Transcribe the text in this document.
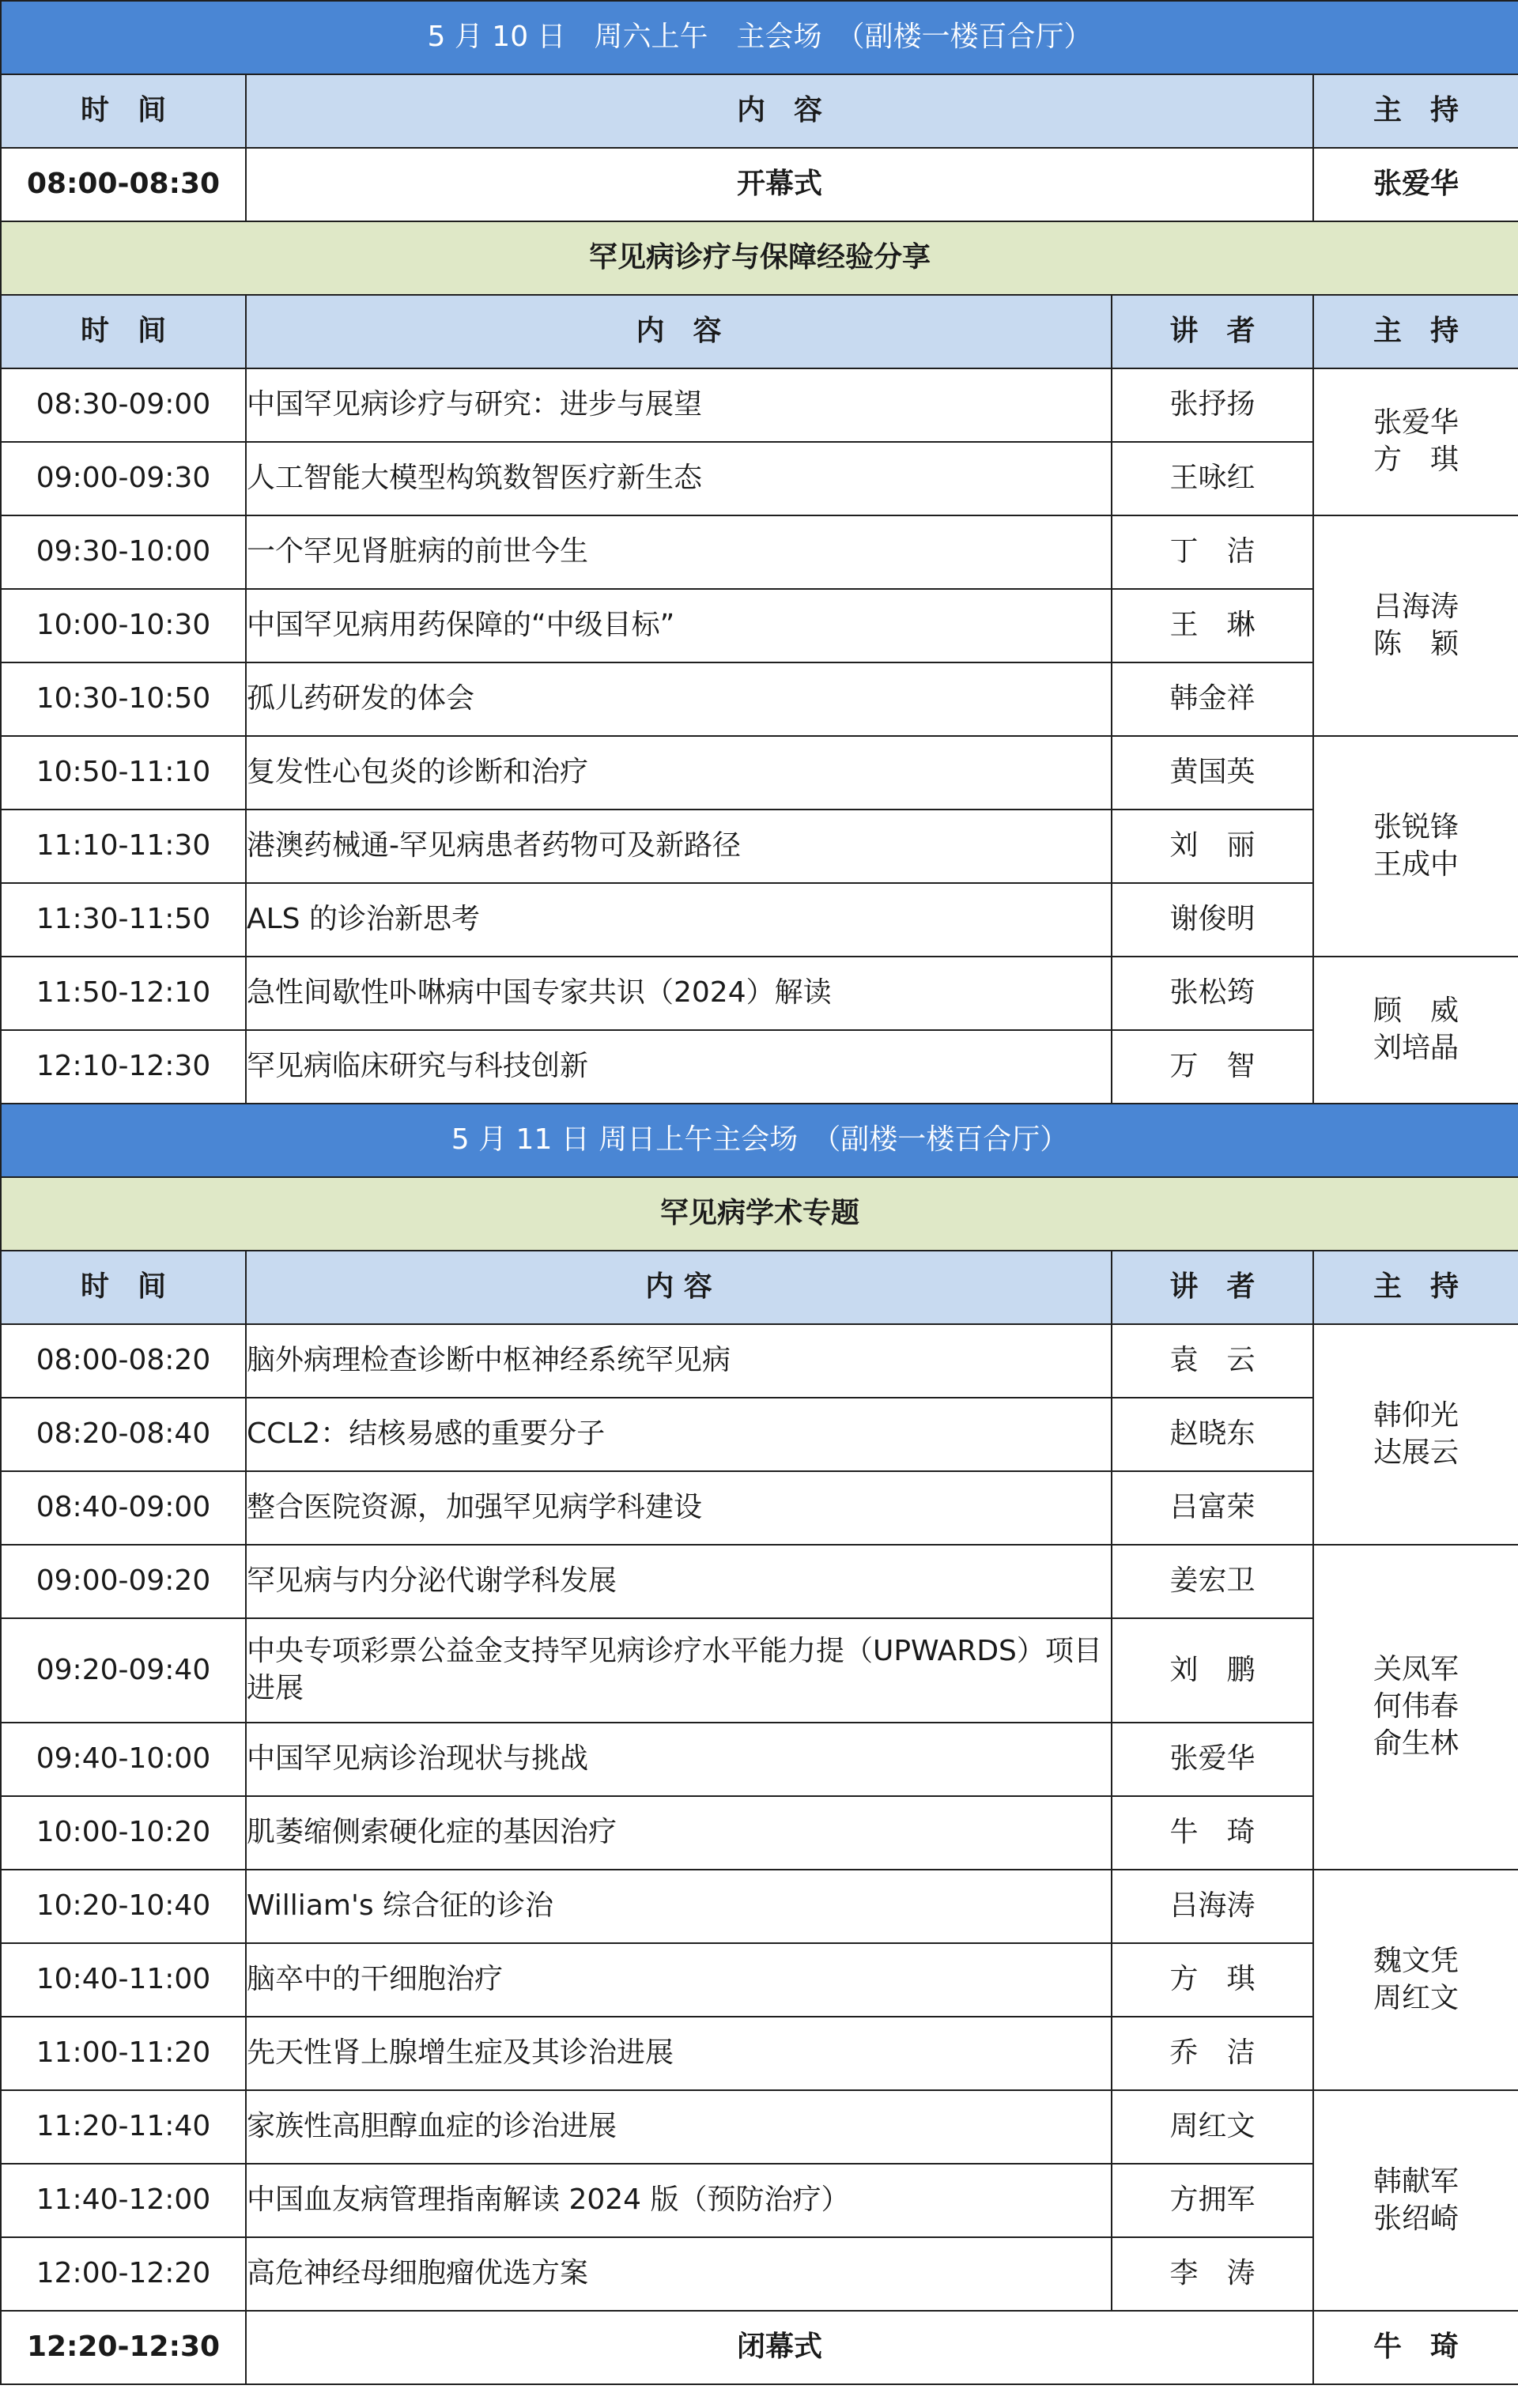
5 月 10 日　周六上午　主会场　（副楼一楼百合厅）			
时　间	内　容		主　持
08:00-08:30	开幕式		张爱华
罕见病诊疗与保障经验分享			
时　间	内　容	讲　者	主　持
08:30-09:00	中国罕见病诊疗与研究：进步与展望	张抒扬	张爱华
方　琪

09:00-09:30	人工智能大模型构筑数智医疗新生态	王咏红	
09:30-10:00	一个罕见肾脏病的前世今生	丁　洁	吕海涛
陈　颖

10:00-10:30	中国罕见病用药保障的“中级目标”	王　琳	
10:30-10:50	孤儿药研发的体会	韩金祥	
10:50-11:10	复发性心包炎的诊断和治疗	黄国英	张锐锋
王成中

11:10-11:30	港澳药械通-罕见病患者药物可及新路径	刘　丽	
11:30-11:50	ALS 的诊治新思考	谢俊明	
11:50-12:10	急性间歇性卟啉病中国专家共识（2024）解读	张松筠	顾　威
刘培晶

12:10-12:30	罕见病临床研究与科技创新	万　智	
5 月 11 日 周日上午主会场　（副楼一楼百合厅）			
罕见病学术专题			
时　间	内 容	讲　者	主　持
08:00-08:20	脑外病理检查诊断中枢神经系统罕见病	袁　云	韩仰光
达展云

08:20-08:40	CCL2：结核易感的重要分子	赵晓东	
08:40-09:00	整合医院资源，加强罕见病学科建设	吕富荣	
09:00-09:20	罕见病与内分泌代谢学科发展	姜宏卫	关凤军
何伟春
俞生林

09:20-09:40	中央专项彩票公益金支持罕见病诊疗水平能力提（UPWARDS）项目进展	刘　鹏	
09:40-10:00	中国罕见病诊治现状与挑战	张爱华	
10:00-10:20	肌萎缩侧索硬化症的基因治疗	牛　琦	
10:20-10:40	William's 综合征的诊治	吕海涛	魏文凭
周红文

10:40-11:00	脑卒中的干细胞治疗	方　琪	
11:00-11:20	先天性肾上腺增生症及其诊治进展	乔　洁	
11:20-11:40	家族性高胆醇血症的诊治进展	周红文	韩献军
张绍崎

11:40-12:00	中国血友病管理指南解读 2024 版（预防治疗）	方拥军	
12:00-12:20	高危神经母细胞瘤优选方案	李　涛	
12:20-12:30	闭幕式		牛　琦
